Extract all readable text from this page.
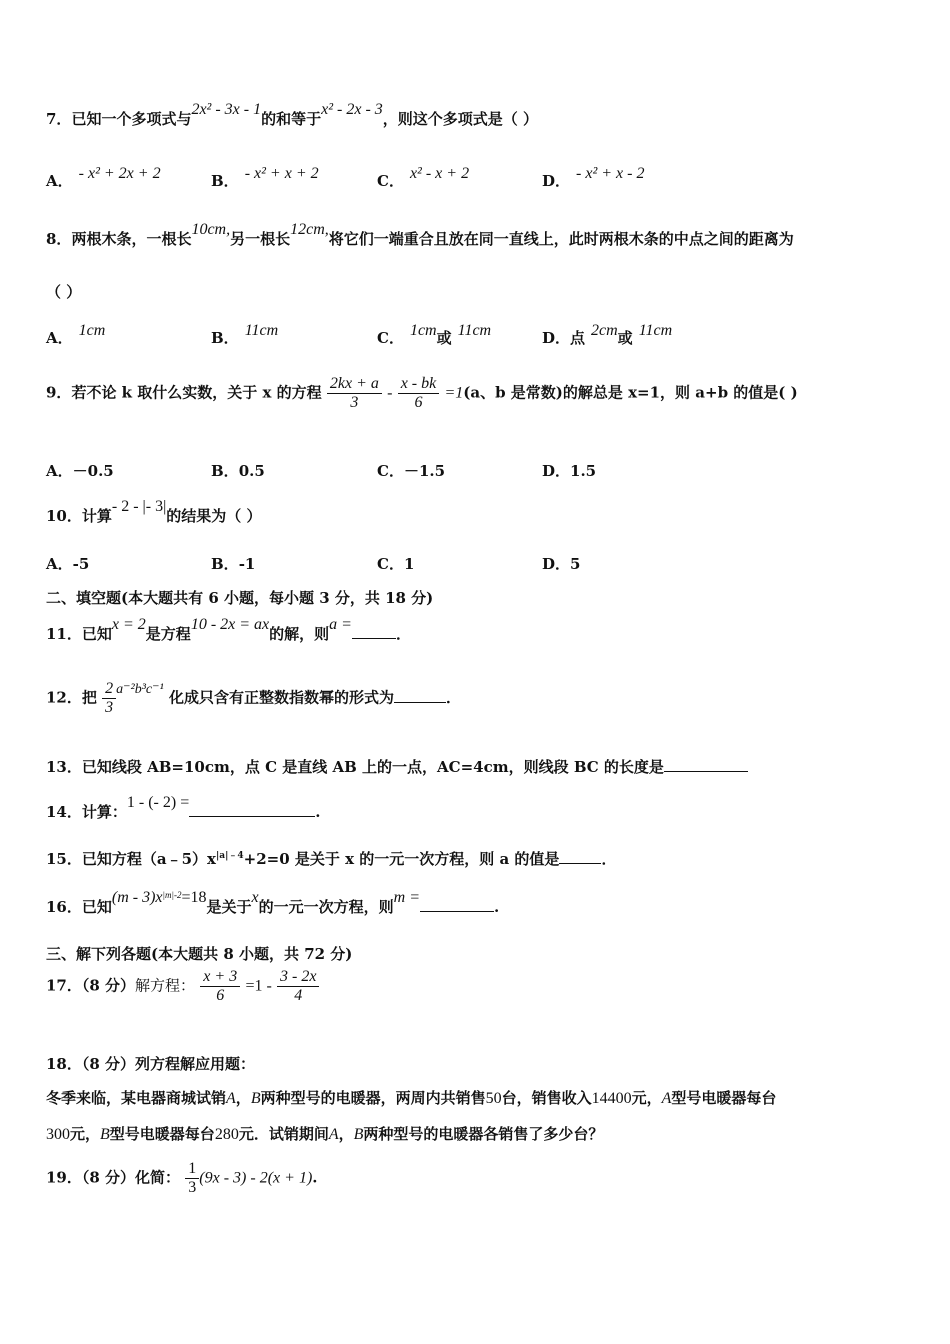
7．已知一个多项式与2x² - 3x - 1的和等于x² - 2x - 3，则这个多项式是（ ）
A． - x² + 2x + 2	B． - x² + x + 2	C． x² - x + 2	D． - x² + x - 2
8．两根木条，一根长10cm,另一根长12cm,将它们一端重合且放在同一直线上，此时两根木条的中点之间的距离为
（ ）
A． 1cm	B． 11cm	C． 1cm或 11cm	D．点 2cm或 11cm
9．若不论 k 取什么实数，关于 x 的方程 $\frac{2kx + a}{3} - \frac{x - bk}{6} =1(a$、b 是常数)的解总是 x=1，则 a+b 的值是( )
A．－0.5	B．0.5	C．－1.5	D．1.5
10．计算- 2 - |- 3|的结果为（ ）
A．-5	B．-1	C．1	D．5
二、填空题(本大题共有 6 小题，每小题 3 分，共 18 分)
11．已知x = 2是方程10 - 2x = ax的解，则a =．
12．把 $\frac{2}{3} a^{-2}b^3c^{-1}$ 化成只含有正整数指数幂的形式为	．
13．已知线段 AB=10cm，点 C 是直线 AB 上的一点，AC=4cm，则线段 BC 的长度是
14．计算：1 - (- 2) =.
15．已知方程$(a﹣5)x^{|a|﹣4}+2=0$ 是关于 x 的一元一次方程，则 a 的值是	．
16．已知$(m - 3)x^{|m|-2}=18$是关于x的一元一次方程，则m =.
三、解下列各题(本大题共 8 小题，共 72 分)
17．（8 分）解方程： $\frac{x + 3}{6} =1 - \frac{3 - 2x}{4}$
18．（8 分）列方程解应用题：
冬季来临，某电器商城试销A，B两种型号的电暖器，两周内共销售50台，销售收入14400元，A型号电暖器每台
300元，B型号电暖器每台280元．试销期间A，B两种型号的电暖器各销售了多少台？
19．（8 分）化简： $\frac{1}{3} (9x - 3) - 2(x + 1)$.
